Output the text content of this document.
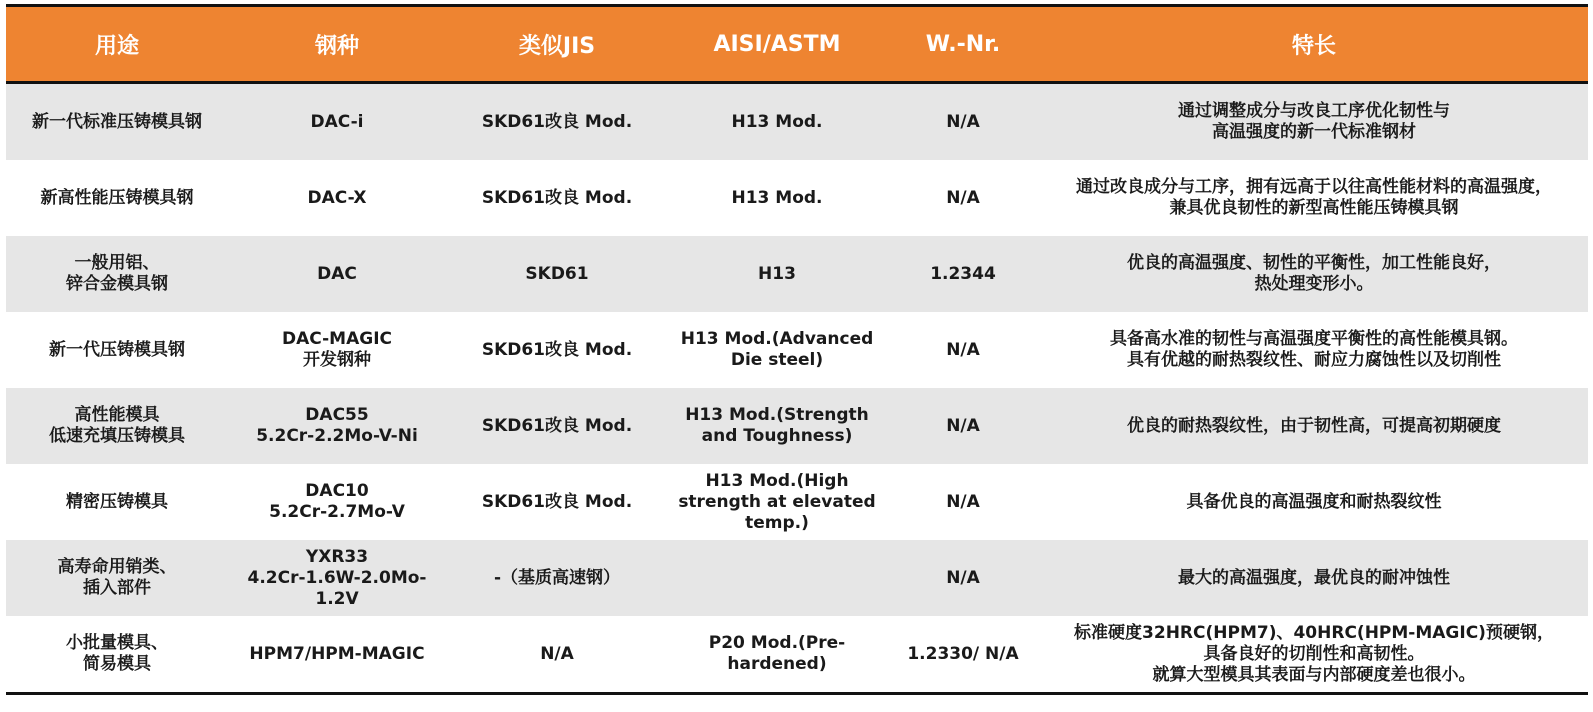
用途	钢种	类似JIS	AISI/ASTM	W.-Nr.	特长
新一代标准压铸模具钢	DAC-i	SKD61改良 Mod.	H13 Mod.	N/A	通过调整成分与改良工序优化韧性与
高温强度的新一代标准钢材
新高性能压铸模具钢	DAC-X	SKD61改良 Mod.	H13 Mod.	N/A	通过改良成分与工序，拥有远高于以往高性能材料的高温强度，
兼具优良韧性的新型高性能压铸模具钢
一般用铝、
锌合金模具钢	DAC	SKD61	H13	1.2344	优良的高温强度、韧性的平衡性，加工性能良好，
热处理变形小。
新一代压铸模具钢	DAC-MAGIC
开发钢种	SKD61改良 Mod.	H13 Mod.(Advanced
Die steel)	N/A	具备高水准的韧性与高温强度平衡性的高性能模具钢。
具有优越的耐热裂纹性、耐应力腐蚀性以及切削性
高性能模具
低速充填压铸模具	DAC55
5.2Cr-2.2Mo-V-Ni	SKD61改良 Mod.	H13 Mod.(Strength
and Toughness)	N/A	优良的耐热裂纹性，由于韧性高，可提高初期硬度
精密压铸模具	DAC10
5.2Cr-2.7Mo-V	SKD61改良 Mod.	H13 Mod.(High
strength at elevated
temp.)	N/A	具备优良的高温强度和耐热裂纹性
高寿命用销类、
插入部件	YXR33
4.2Cr-1.6W-2.0Mo-1.2V	-（基质高速钢）		N/A	最大的高温强度，最优良的耐冲蚀性
小批量模具、
简易模具	HPM7/HPM-MAGIC	N/A	P20 Mod.(Pre-
hardened)	1.2330/ N/A	标准硬度32HRC(HPM7)、40HRC(HPM-MAGIC)预硬钢，
具备良好的切削性和高韧性。
就算大型模具其表面与内部硬度差也很小。
